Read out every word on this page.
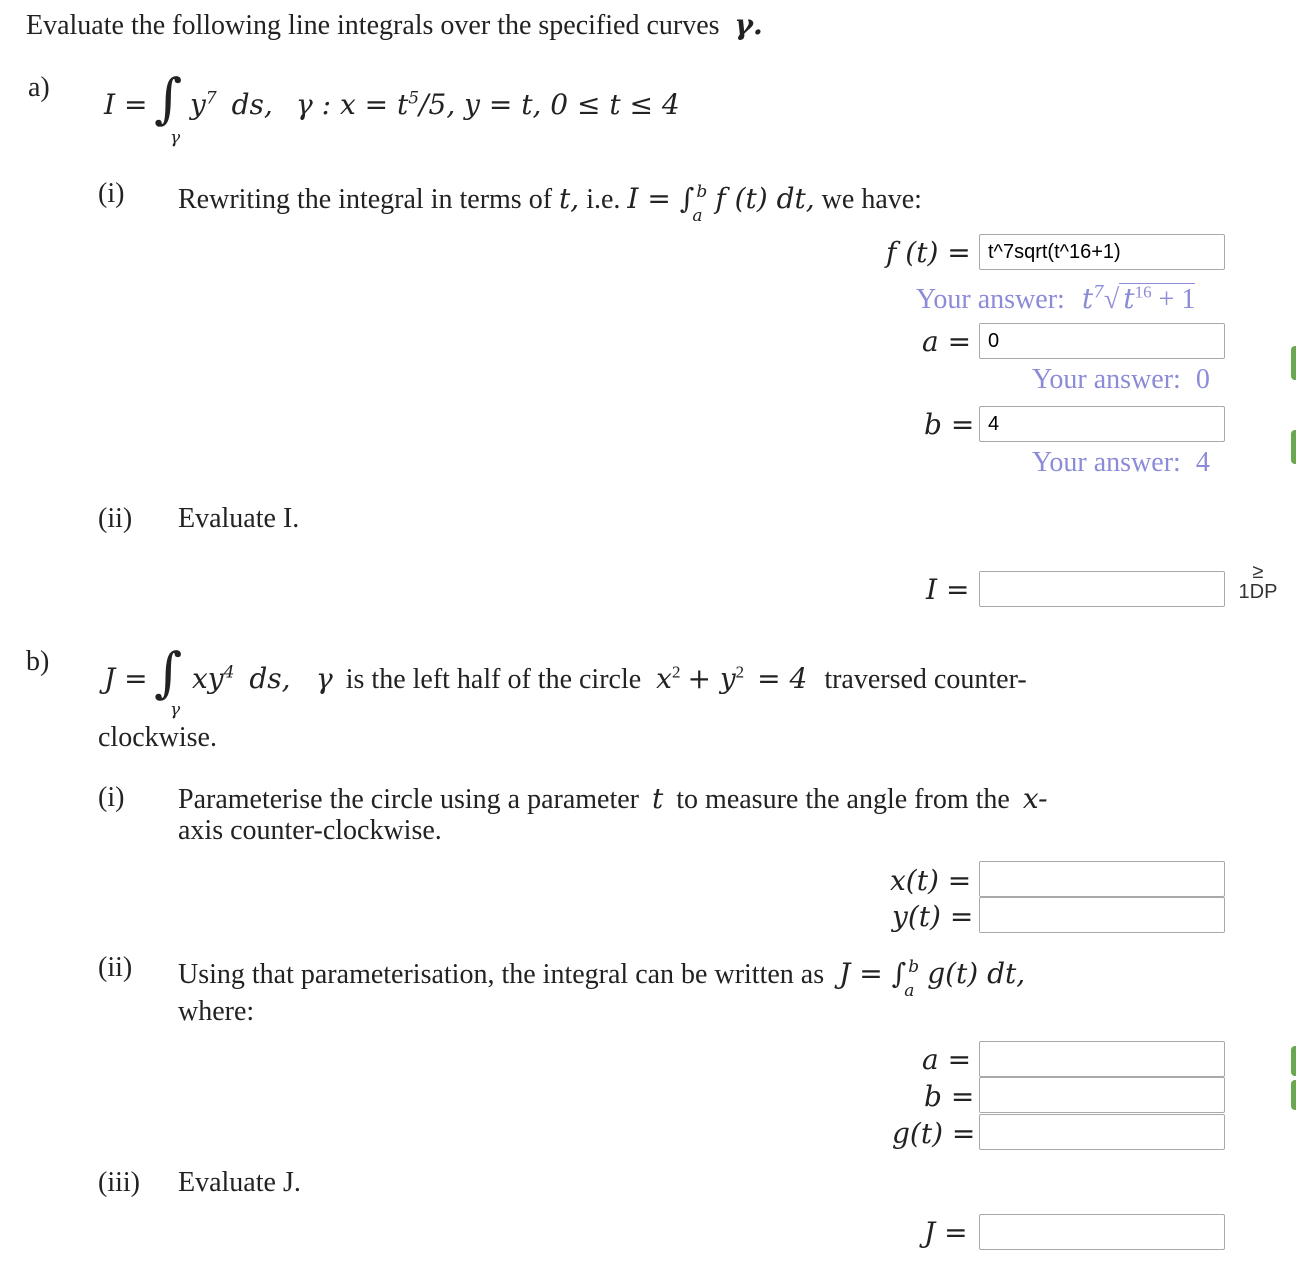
Evaluate the following line integrals over the specified curves γ.
a)
I = ∫
γ
$y^7$ ds, γ : $x = t^5/5$, y = t, 0 ≤ t ≤ 4
(i) Rewriting the integral in terms of t, i.e. I = ∫ b
a
f (t) dt, we have:
f (t) =
t^7sqrt(t^16+1)
Your answer: $t^7√$ $t^{16} + 1$
a =
0
Your answer: 0
b =
4
Your answer: 4
(ii) Evaluate I.
I =
≥
1DP
b)
J = ∫
γ
$xy^4$ ds, γ is the left half of the circle $x^2 + y^2 = 4$ traversed counter-
clockwise.
(i) Parameterise the circle using a parameter t to measure the angle from the x-
axis counter-clockwise.
x(t) =
y(t) =
(ii) Using that parameterisation, the integral can be written as J = ∫ b
a
g(t) dt,
where:
a =
b =
g(t) =
(iii) Evaluate J.
J =
